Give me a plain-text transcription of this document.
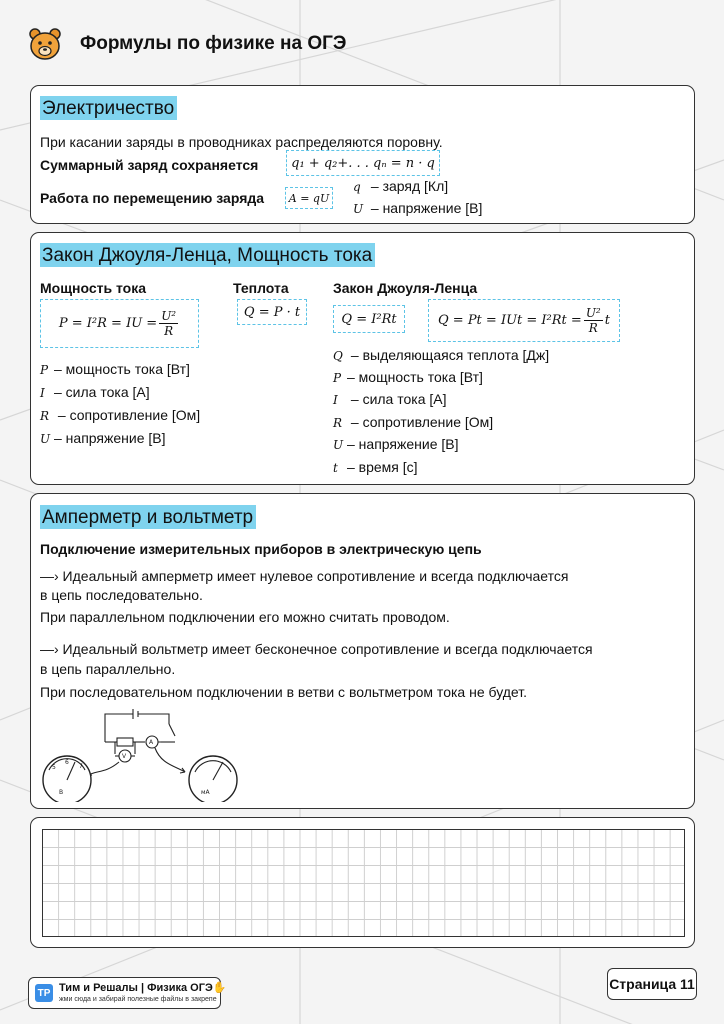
Формулы по физике на ОГЭ
Электричество
При касании заряды в проводниках распределяются поровну.
Суммарный заряд сохраняется	q₁ + q₂+. . . qₙ = n · q
Работа по перемещению заряда	A = qU
q – заряд [Кл]
U – напряжение [В]
Закон Джоуля-Ленца, Мощность тока
Мощность тока	Теплота	Закон Джоуля-Ленца
P = I²R = IU = $\frac{\text{U²}}{R}$	Q = P · t	Q = I²Rt	Q = Pt = IUt = $I^2Rt = \frac{\text{U²}}{R}$ t
P – мощность тока [Вт]
I – сила тока [А]
R – сопротивление [Ом]
U – напряжение [В]
Q – выделяющаяся теплота [Дж]
P – мощность тока [Вт]
I – сила тока [А]
R – сопротивление [Ом]
U – напряжение [В]
t – время [с]
Амперметр и вольтметр
Подключение измерительных приборов в электрическую цепь
—› Идеальный амперметр имеет нулевое сопротивление и всегда подключается
в цепь последовательно.
При параллельном подключении его можно считать проводом.
—› Идеальный вольтметр имеет бесконечное сопротивление и всегда подключается
в цепь параллельно.
При последовательном подключении в ветви с вольтметром тока не будет.
V
A
5
6
7
В	мА
ТР Тим и Решалы | Физика ОГЭ✋
жми сюда и забирай полезные файлы в закрепе
Страница 11
